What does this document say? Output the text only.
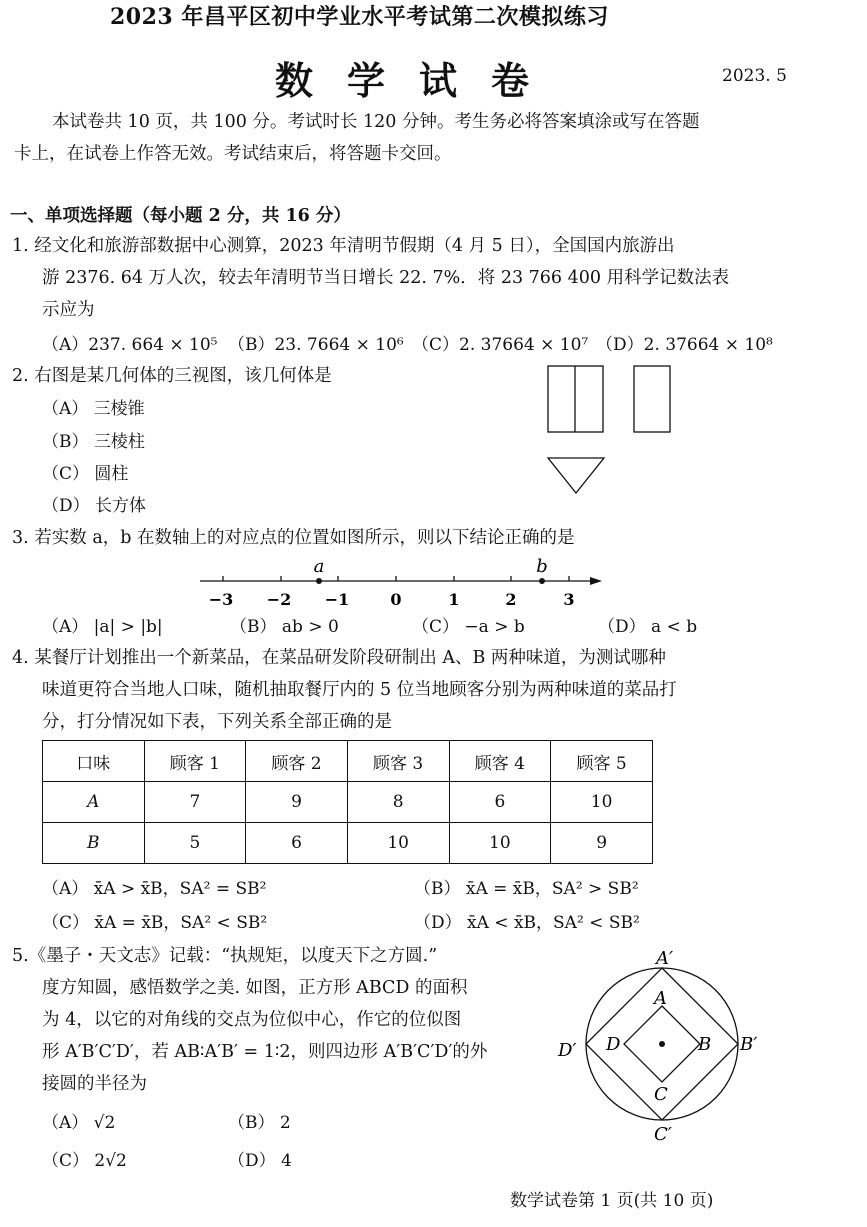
2023 年昌平区初中学业水平考试第二次模拟练习
数学试卷	2023. 5
本试卷共 10 页，共 100 分。考试时长 120 分钟。考生务必将答案填涂或写在答题
卡上，在试卷上作答无效。考试结束后，将答题卡交回。
一、单项选择题（每小题 2 分，共 16 分）
1. 经文化和旅游部数据中心测算，2023 年清明节假期（4 月 5 日），全国国内旅游出
游 2376. 64 万人次，较去年清明节当日增长 22. 7%．将 23 766 400 用科学记数法表
示应为
（A）237. 664 × 10⁵ （B）23. 7664 × 10⁶ （C）2. 37664 × 10⁷ （D）2. 37664 × 10⁸
2. 右图是某几何体的三视图，该几何体是
（A） 三棱锥
（B） 三棱柱
（C） 圆柱
（D） 长方体
3. 若实数 a，b 在数轴上的对应点的位置如图所示，则以下结论正确的是
a	b
−3 −2 −1	0	1	2	3
（A） |a| > |b|	（B） ab > 0	（C） −a > b	（D） a < b
4. 某餐厅计划推出一个新菜品，在菜品研发阶段研制出 A、B 两种味道，为测试哪种
味道更符合当地人口味，随机抽取餐厅内的 5 位当地顾客分别为两种味道的菜品打
分，打分情况如下表，下列关系全部正确的是
口味	顾客 1	顾客 2	顾客 3	顾客 4	顾客 5
A	7	9	8	6	10
B	5	6	10	10	9
（A） x̄A > x̄B，SA² = SB²	（B） x̄A = x̄B，SA² > SB²
（C） x̄A = x̄B，SA² < SB²	（D） x̄A < x̄B，SA² < SB²
5.《墨子・天文志》记载：“执规矩，以度天下之方圆.”
度方知圆，感悟数学之美. 如图，正方形 ABCD 的面积
为 4，以它的对角线的交点为位似中心，作它的位似图
形 A′B′C′D′，若 AB∶A′B′ = 1∶2，则四边形 A′B′C′D′的外
接圆的半径为
（A） √2	（B） 2
（C） 2√2	（D） 4
A′
A
B B′
C
C′
D
D′
数学试卷第 1 页(共 10 页)
